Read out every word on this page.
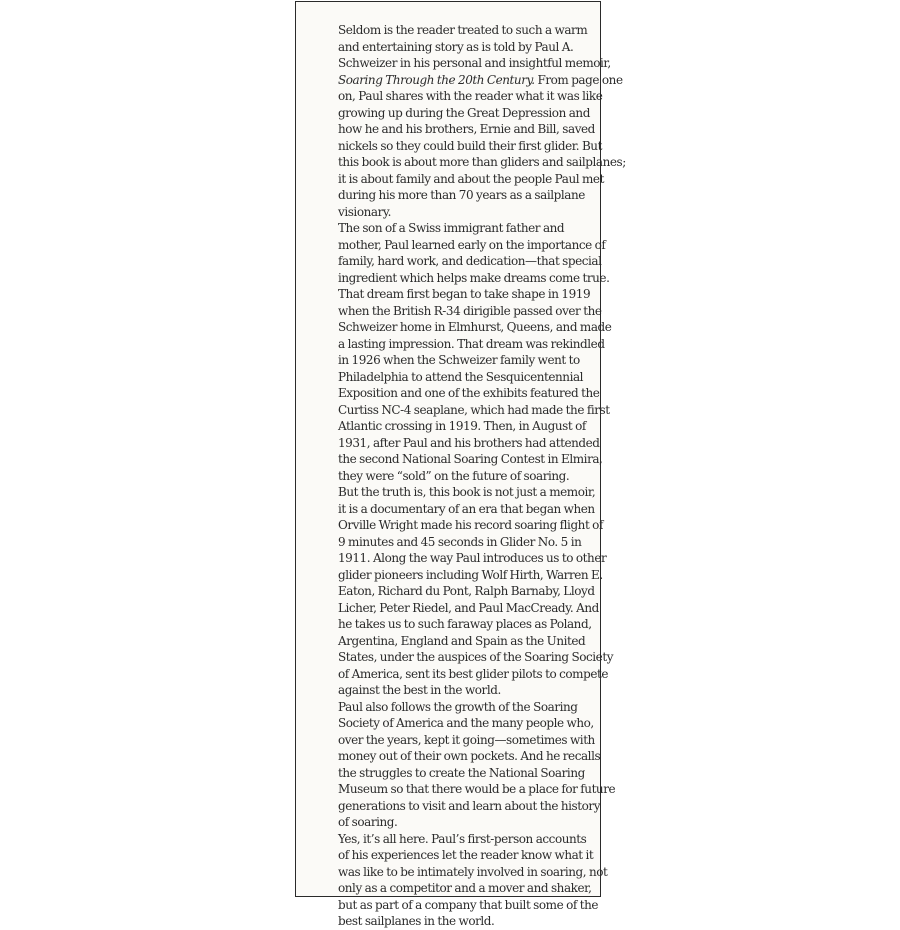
Seldom is the reader treated to such a warm
and entertaining story as is told by Paul A.
Schweizer in his personal and insightful memoir,
Soaring Through the 20th Century. From page one
on, Paul shares with the reader what it was like
growing up during the Great Depression and
how he and his brothers, Ernie and Bill, saved
nickels so they could build their first glider. But
this book is about more than gliders and sailplanes;
it is about family and about the people Paul met
during his more than 70 years as a sailplane
visionary.

The son of a Swiss immigrant father and
mother, Paul learned early on the importance of
family, hard work, and dedication—that special
ingredient which helps make dreams come true.
That dream first began to take shape in 1919
when the British R-34 dirigible passed over the
Schweizer home in Elmhurst, Queens, and made
a lasting impression. That dream was rekindled
in 1926 when the Schweizer family went to
Philadelphia to attend the Sesquicentennial
Exposition and one of the exhibits featured the
Curtiss NC-4 seaplane, which had made the first
Atlantic crossing in 1919. Then, in August of
1931, after Paul and his brothers had attended
the second National Soaring Contest in Elmira,
they were “sold” on the future of soaring.

But the truth is, this book is not just a memoir,
it is a documentary of an era that began when
Orville Wright made his record soaring flight of
9 minutes and 45 seconds in Glider No. 5 in
1911. Along the way Paul introduces us to other
glider pioneers including Wolf Hirth, Warren E.
Eaton, Richard du Pont, Ralph Barnaby, Lloyd
Licher, Peter Riedel, and Paul MacCready. And
he takes us to such faraway places as Poland,
Argentina, England and Spain as the United
States, under the auspices of the Soaring Society
of America, sent its best glider pilots to compete
against the best in the world.

Paul also follows the growth of the Soaring
Society of America and the many people who,
over the years, kept it going—sometimes with
money out of their own pockets. And he recalls
the struggles to create the National Soaring
Museum so that there would be a place for future
generations to visit and learn about the history
of soaring.

Yes, it’s all here. Paul’s first-person accounts
of his experiences let the reader know what it
was like to be intimately involved in soaring, not
only as a competitor and a mover and shaker,
but as part of a company that built some of the
best sailplanes in the world.
